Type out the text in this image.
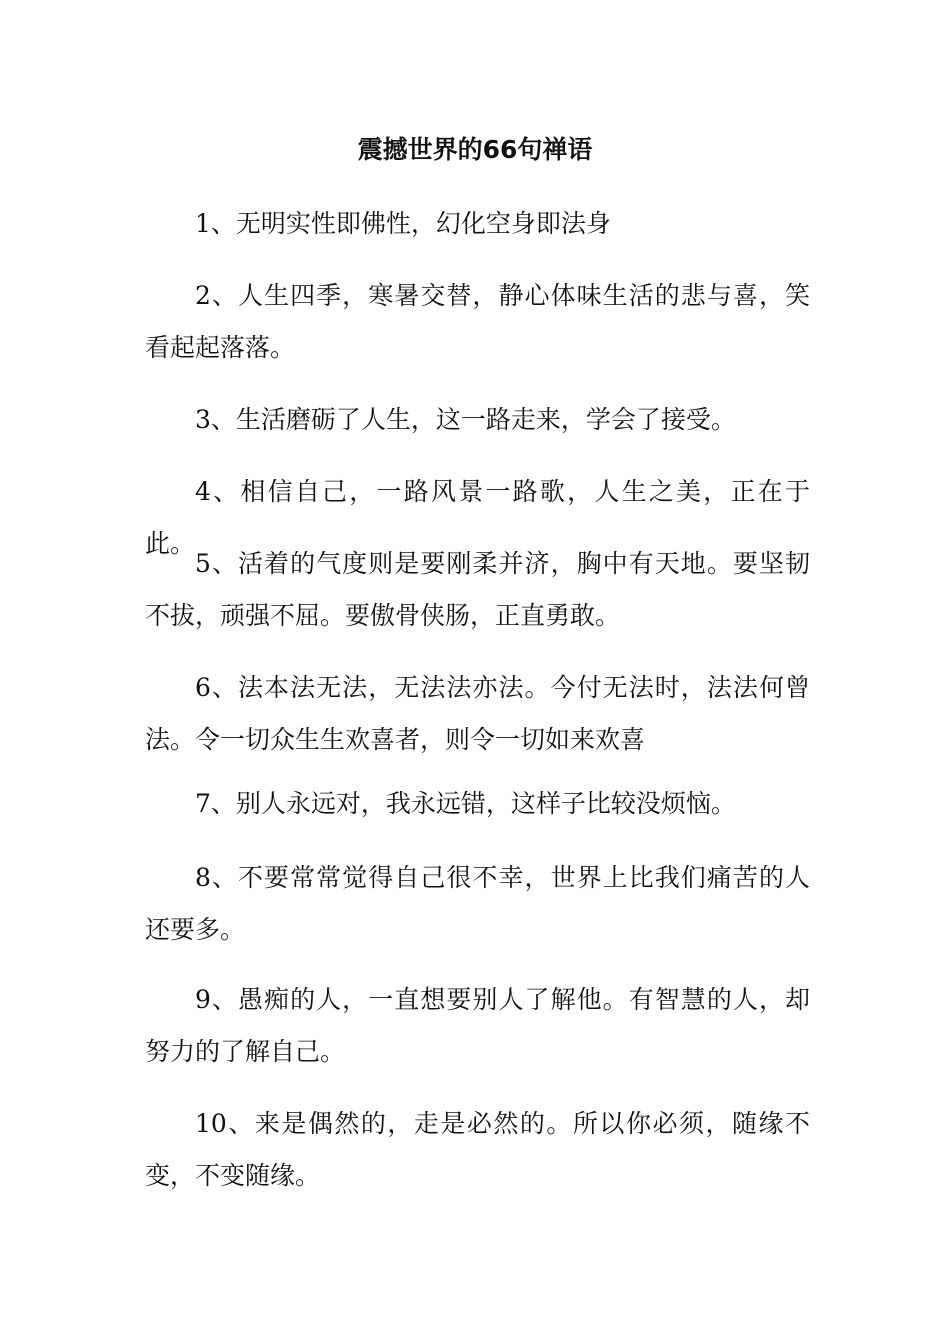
震撼世界的66句禅语

1、无明实性即佛性，幻化空身即法身

2、人生四季，寒暑交替，静心体味生活的悲与喜，笑看起起落落。

3、生活磨砺了人生，这一路走来，学会了接受。

4、相信自己，一路风景一路歌，人生之美，正在于此。

5、活着的气度则是要刚柔并济，胸中有天地。要坚韧不拔，顽强不屈。要傲骨侠肠，正直勇敢。

6、法本法无法，无法法亦法。今付无法时，法法何曾法。令一切众生生欢喜者，则令一切如来欢喜

7、别人永远对，我永远错，这样子比较没烦恼。

8、不要常常觉得自己很不幸，世界上比我们痛苦的人还要多。

9、愚痴的人，一直想要别人了解他。有智慧的人，却努力的了解自己。

10、来是偶然的，走是必然的。所以你必须，随缘不变，不变随缘。
